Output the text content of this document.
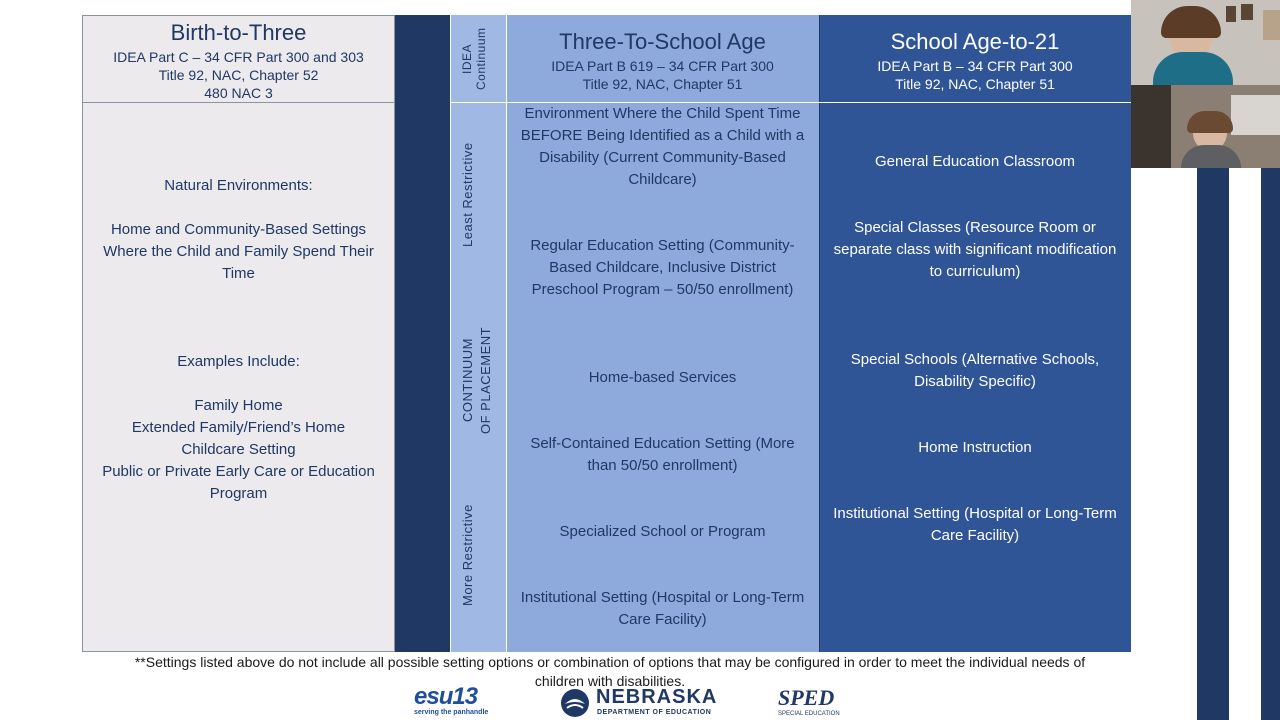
Birth-to-Three
IDEA Part C – 34 CFR Part 300 and 303
Title 92, NAC, Chapter 52
480 NAC 3
Natural Environments:
Home and Community-Based Settings Where the Child and Family Spend Their Time
Examples Include:
Family Home
Extended Family/Friend’s Home
Childcare Setting
Public or Private Early Care or Education Program
IDEA Continuum
Least Restrictive
CONTINUUM OF PLACEMENT
More Restrictive
Three-To-School Age
IDEA Part B 619 – 34 CFR Part 300
Title 92, NAC, Chapter 51
Environment Where the Child Spent Time BEFORE Being Identified as a Child with a Disability (Current Community-Based Childcare)
Regular Education Setting (Community-Based Childcare, Inclusive District Preschool Program – 50/50 enrollment)
Home-based Services
Self-Contained Education Setting (More than 50/50 enrollment)
Specialized School or Program
Institutional Setting (Hospital or Long-Term Care Facility)
School Age-to-21
IDEA Part B – 34 CFR Part 300
Title 92, NAC, Chapter 51
General Education Classroom
Special Classes (Resource Room or separate class with significant modification to curriculum)
Special Schools (Alternative Schools, Disability Specific)
Home Instruction
Institutional Setting (Hospital or Long-Term Care Facility)
**Settings listed above do not include all possible setting options or combination of options that may be configured in order to meet the individual needs of children with disabilities.
esu13
serving the panhandle
NEBRASKA
DEPARTMENT OF EDUCATION
SPED
SPECIAL EDUCATION
